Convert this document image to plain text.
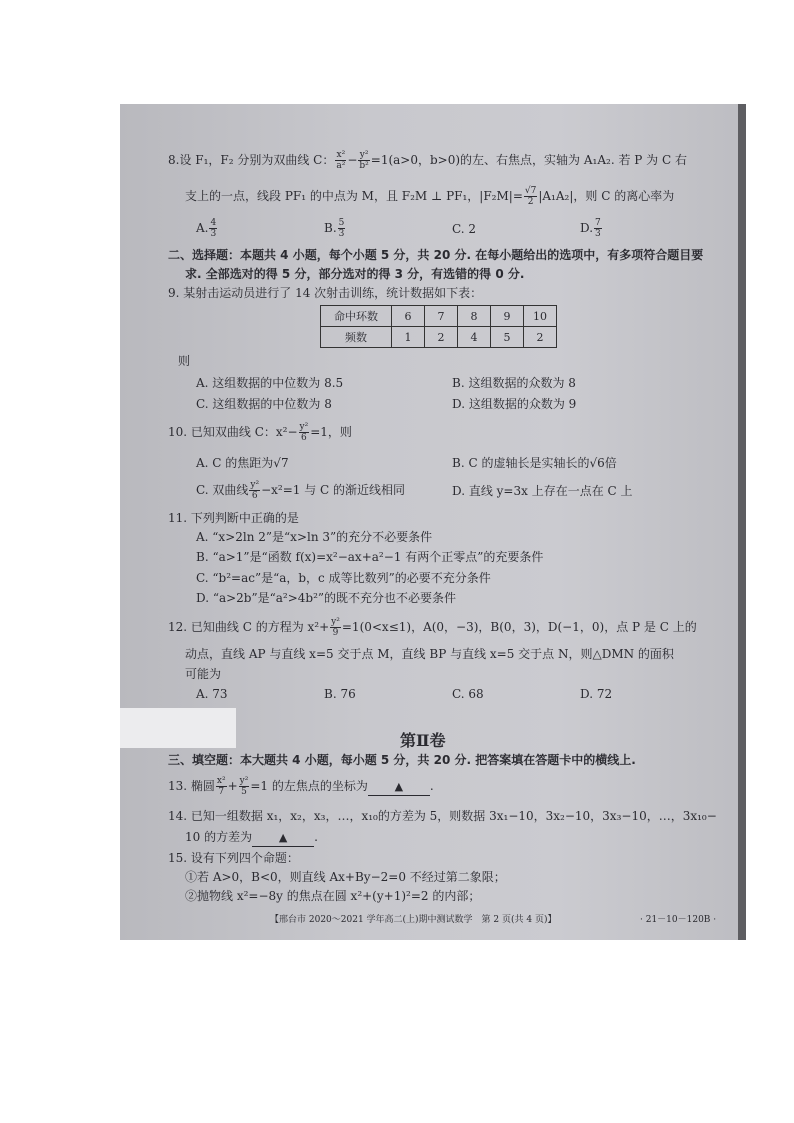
8.设 F₁，F₂ 分别为双曲线 C： $\frac{\text{x²}}{\text{a²}} - \frac{\text{y²}}{\text{b²}} =1(a>0$，b>0)的左、右焦点，实轴为 A₁A₂. 若 P 为 C 右
支上的一点，线段 PF₁ 的中点为 M，且 F₂M ⊥ PF₁，$|F_2M|= \frac{√7}{2} |A_1A_2|$，则 C 的离心率为
A. $\frac{4}{3}$	B. $\frac{5}{3}$	C. 2	D. $\frac{7}{3}$
二、选择题：本题共 4 小题，每个小题 5 分，共 20 分. 在每小题给出的选项中，有多项符合题目要
求. 全部选对的得 5 分，部分选对的得 3 分，有选错的得 0 分.
9. 某射击运动员进行了 14 次射击训练，统计数据如下表：
命中环数	6	7	8	9	10
频数	1	2	4	5	2
则
A. 这组数据的中位数为 8.5	B. 这组数据的众数为 8
C. 这组数据的中位数为 8	D. 这组数据的众数为 9
10. 已知双曲线 C：$x^2- \frac{\text{y²}}{6} =1$，则
A. C 的焦距为√7	B. C 的虚轴长是实轴长的√6倍
C. 双曲线 $\frac{\text{y²}}{6} -x^2=1$ 与 C 的渐近线相同	D. 直线 y=3x 上存在一点在 C 上
11. 下列判断中正确的是
A. “x>2ln 2”是“x>ln 3”的充分不必要条件
B. “a>1”是“函数 f(x)=x²−ax+a²−1 有两个正零点”的充要条件
C. “b²=ac”是“a，b，c 成等比数列”的必要不充分条件
D. “a>2b”是“a²>4b²”的既不充分也不必要条件
12. 已知曲线 C 的方程为 $x^2+ \frac{\text{y²}}{9} =1(0<x\le 1)$，A(0，−3)，B(0，3)，D(−1，0)，点 P 是 C 上的
动点，直线 AP 与直线 x=5 交于点 M，直线 BP 与直线 x=5 交于点 N，则△DMN 的面积
可能为
A. 73	B. 76	C. 68	D. 72
第Ⅱ卷
三、填空题：本大题共 4 小题，每小题 5 分，共 20 分. 把答案填在答题卡中的横线上.
13. 椭圆 $\frac{\text{x²}}{7} + \frac{\text{y²}}{5} =1$ 的左焦点的坐标为 ▲ .
14. 已知一组数据 x₁，x₂，x₃，…，x₁₀的方差为 5，则数据 3x₁−10，3x₂−10，3x₃−10，…，3x₁₀−
10 的方差为 ▲ .
15. 设有下列四个命题：
①若 A>0，B<0，则直线 Ax+By−2=0 不经过第二象限；
②抛物线 x²=−8y 的焦点在圆 x²+(y+1)²=2 的内部；
【邢台市 2020～2021 学年高二(上)期中测试数学　第 2 页(共 4 页)】	· 21－10－120B ·
